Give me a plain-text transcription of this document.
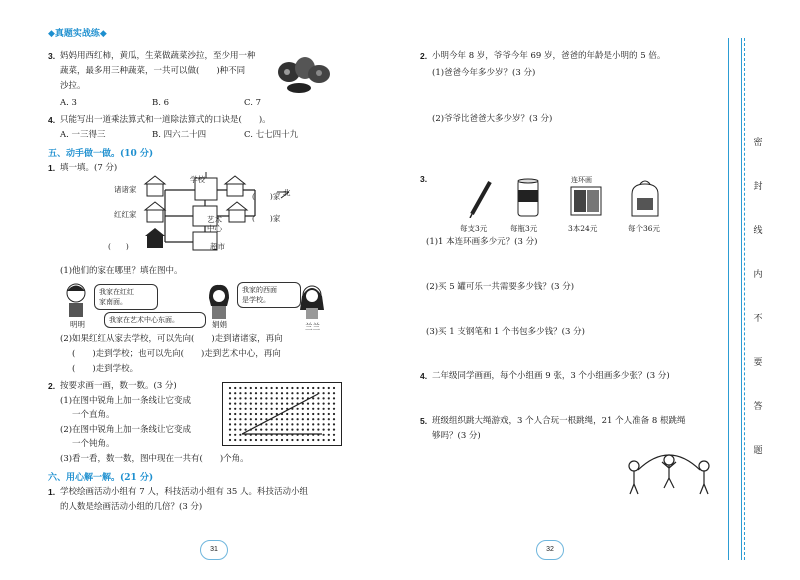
◆真题实战练◆
3. 妈妈用西红柿，黄瓜，生菜做蔬菜沙拉，至少用一种
蔬菜，最多用三种蔬菜，一共可以做(　　)种不同
沙拉。
A. 3	B. 6	C. 7
4. 只能写出一道乘法算式和一道除法算式的口诀是(　　)。
A. 一三得三	B. 四六二十四	C. 七七四十九
五、动手做一做。(10 分)
1. 填一填。(7 分)
学校
诸诸家
红红家
艺术
中心
超市
北
(　　)家
(　　)家
(　　)
(1)他们的家在哪里？填在图中。
我家在红红
家南面。
我家的西面
是学校。
我家在艺术中心东面。
明明	娟娟	兰兰
(2)如果红红从家去学校，可以先向(　　)走到诸诸家，再向
(　　)走到学校；也可以先向(　　)走到艺术中心，再向
(　　)走到学校。
2. 按要求画一画，数一数。(3 分)
(1)在图中锐角上加一条线让它变成
一个直角。
(2)在图中锐角上加一条线让它变成
一个钝角。
(3)看一看，数一数，图中现在一共有(　　)个角。
六、用心解一解。(21 分)
1. 学校绘画活动小组有 7 人，科技活动小组有 35 人。科技活动小组
的人数是绘画活动小组的几倍？(3 分)
31
2. 小明今年 8 岁，爷爷今年 69 岁，爸爸的年龄是小明的 5 倍。
(1)爸爸今年多少岁？(3 分)
(2)爷爷比爸爸大多少岁？(3 分)
3.	连环画
每支3元	每瓶3元	3本24元	每个36元
(1)1 本连环画多少元？(3 分)
(2)买 5 罐可乐一共需要多少钱？(3 分)
(3)买 1 支钢笔和 1 个书包多少钱？(3 分)
4. 二年级同学画画，每个小组画 9 张，3 个小组画多少张？(3 分)
5. 班级组织跳大绳游戏，3 个人合玩一根跳绳，21 个人准备 8 根跳绳
够吗？(3 分)
32
密
封
线
内
不
要
答
题
